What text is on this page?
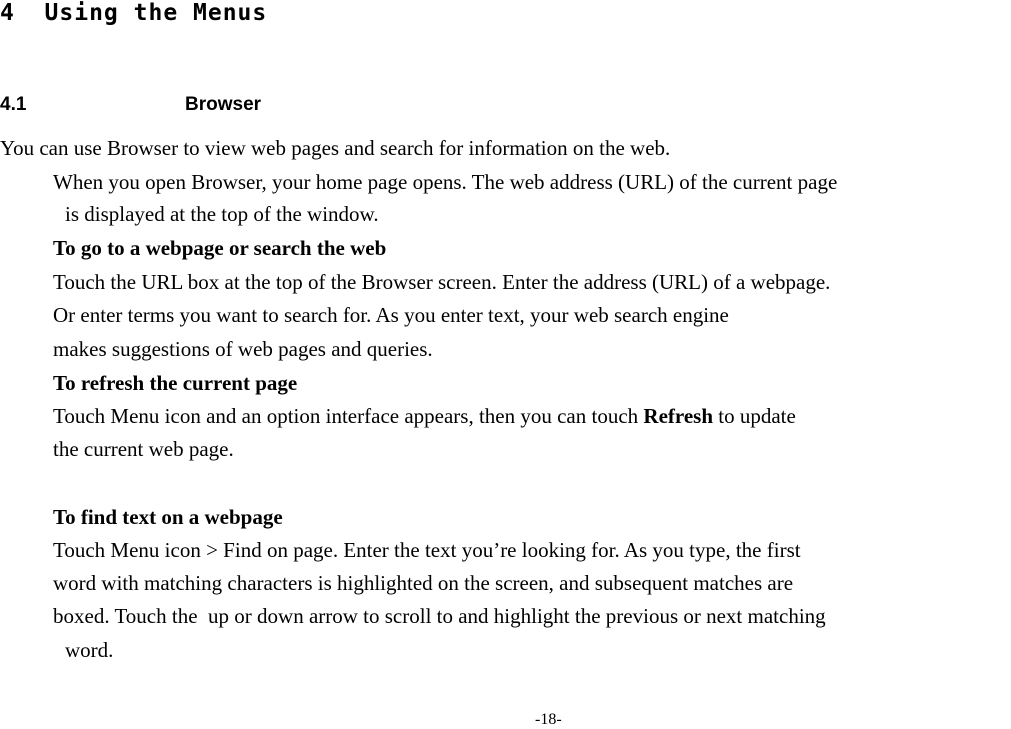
4  Using the Menus
4.1	Browser
You can use Browser to view web pages and search for information on the web.
When you open Browser, your home page opens. The web address (URL) of the current page
is displayed at the top of the window.
To go to a webpage or search the web
Touch the URL box at the top of the Browser screen. Enter the address (URL) of a webpage.
Or enter terms you want to search for. As you enter text, your web search engine
makes suggestions of web pages and queries.
To refresh the current page
Touch Menu icon and an option interface appears, then you can touch Refresh to update
the current web page.
To find text on a webpage
Touch Menu icon > Find on page. Enter the text you’re looking for. As you type, the first
word with matching characters is highlighted on the screen, and subsequent matches are
boxed. Touch the  up or down arrow to scroll to and highlight the previous or next matching
word.
-18-
